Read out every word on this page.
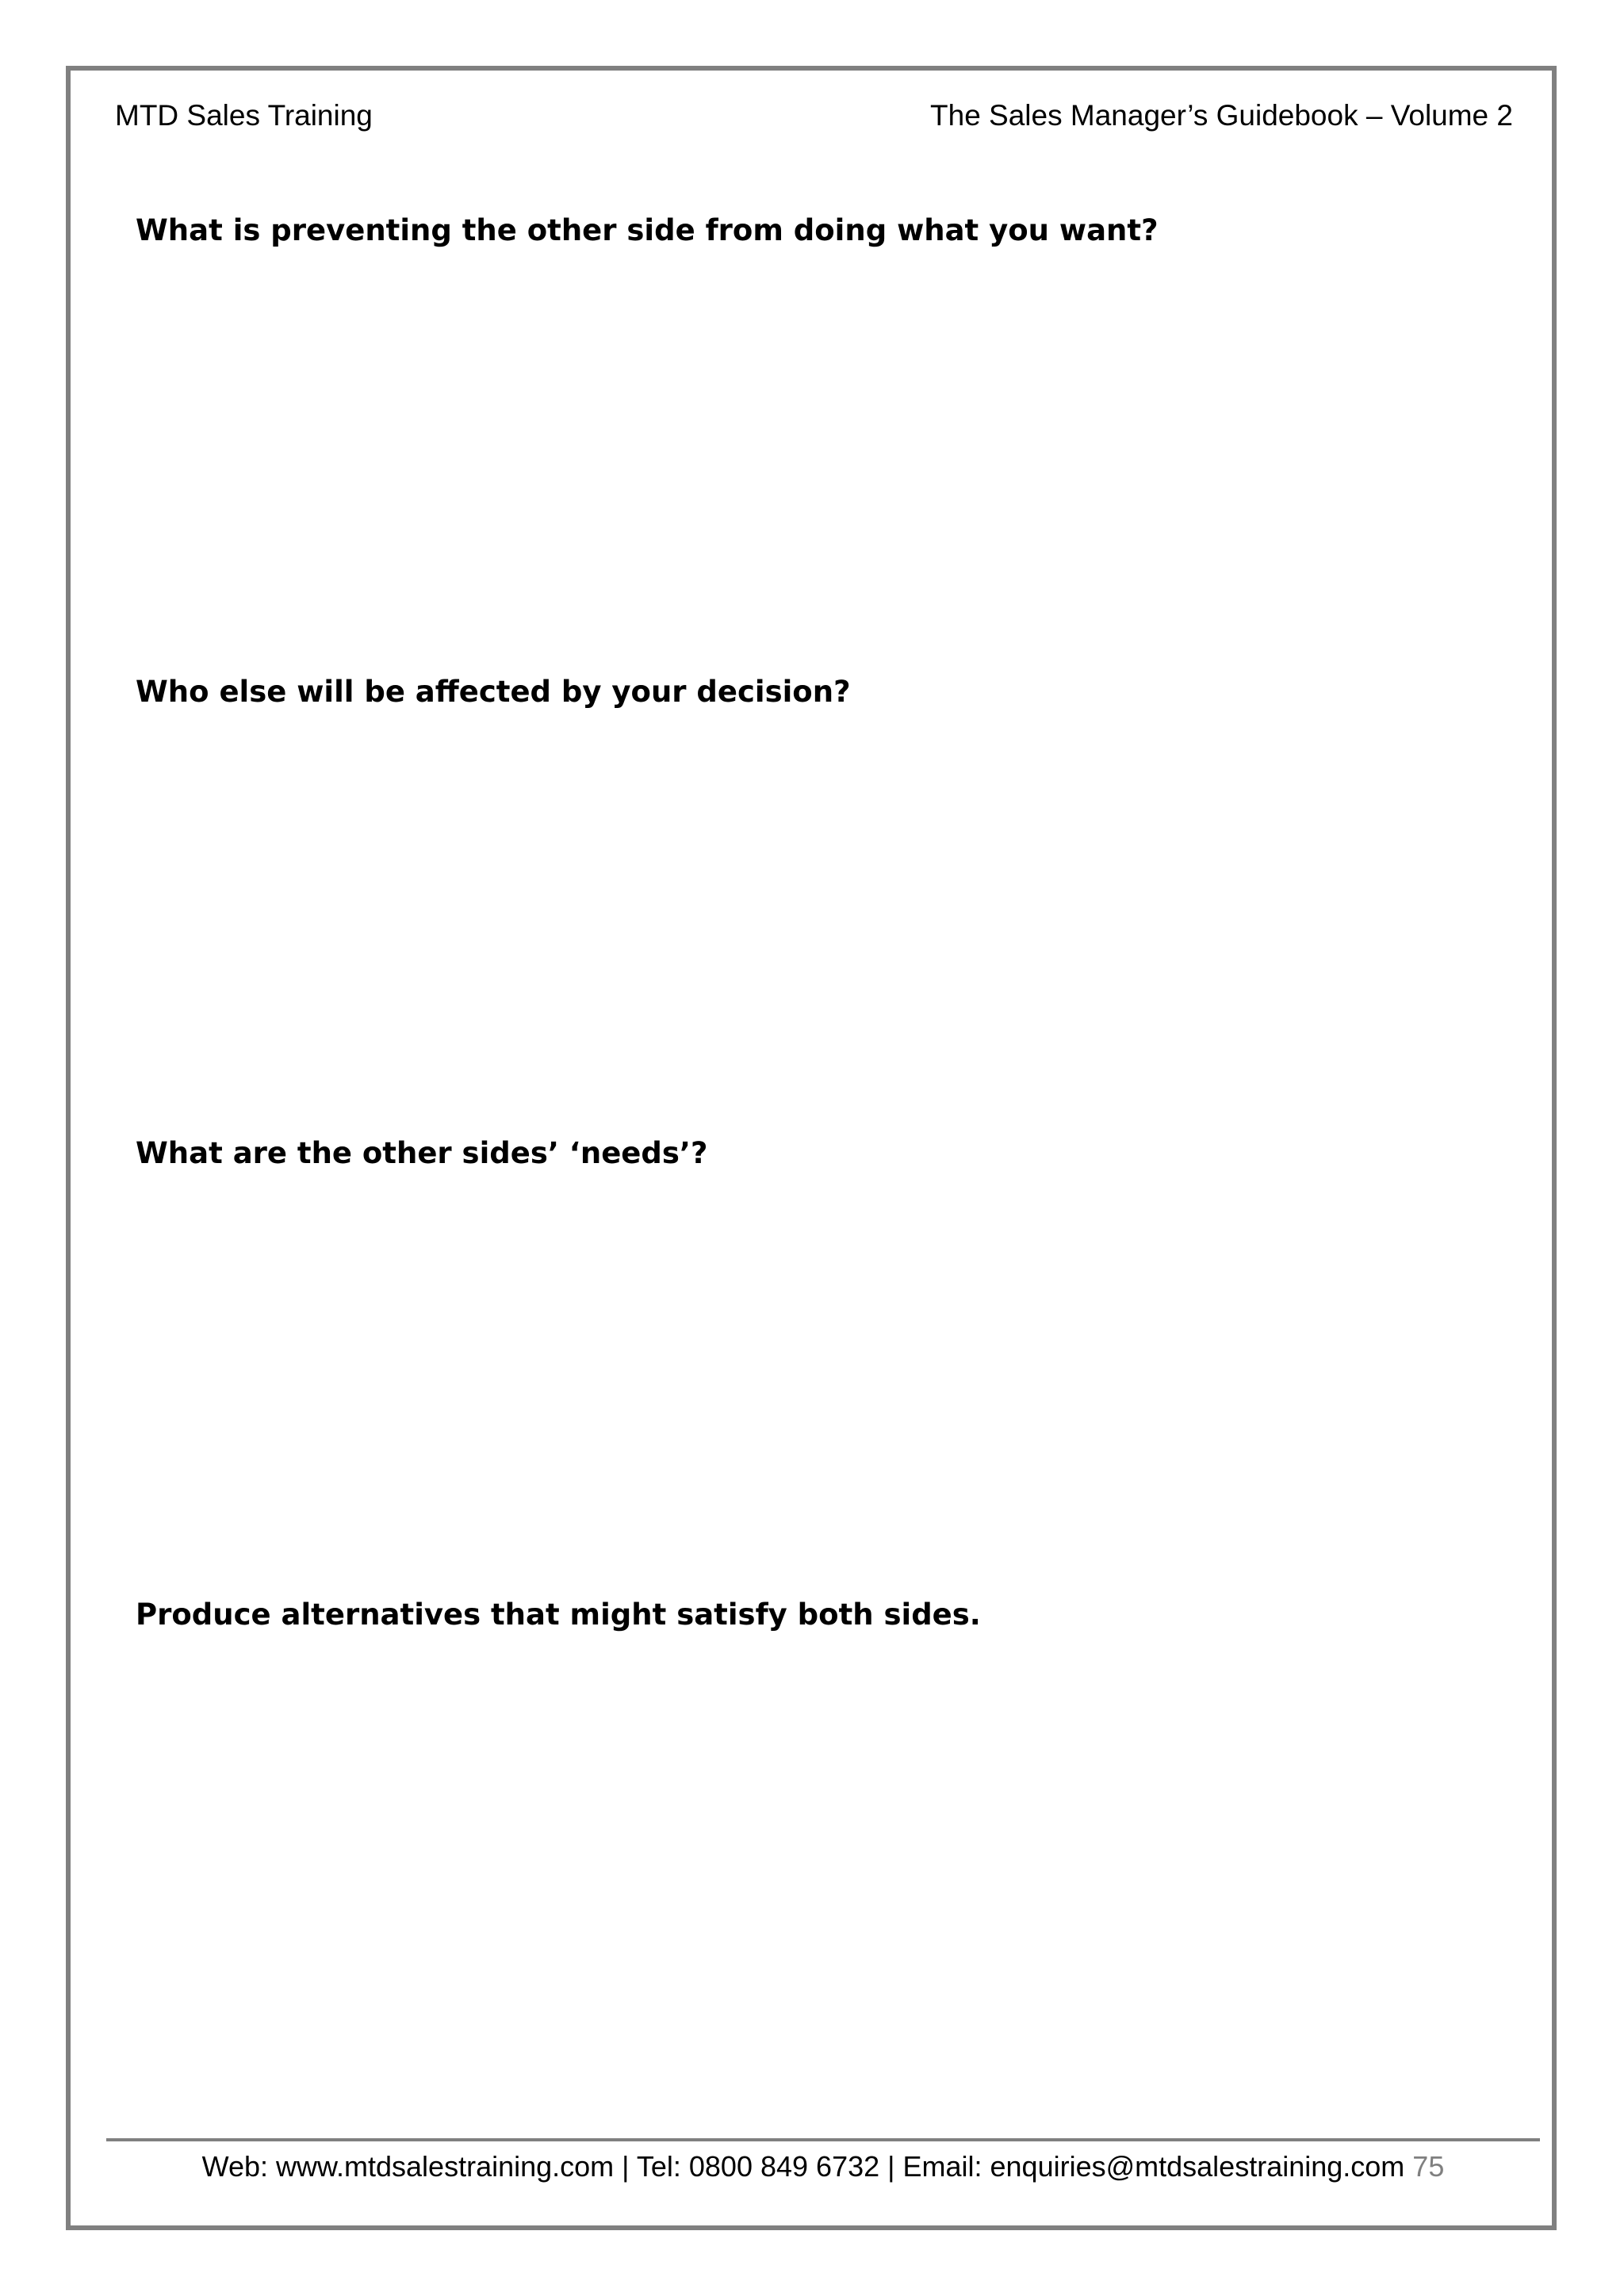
MTD Sales Training	The Sales Manager’s Guidebook – Volume 2
What is preventing the other side from doing what you want?
Who else will be affected by your decision?
What are the other sides’ ‘needs’?
Produce alternatives that might satisfy both sides.
Web: www.mtdsalestraining.com | Tel: 0800 849 6732 | Email: enquiries@mtdsalestraining.com 75
